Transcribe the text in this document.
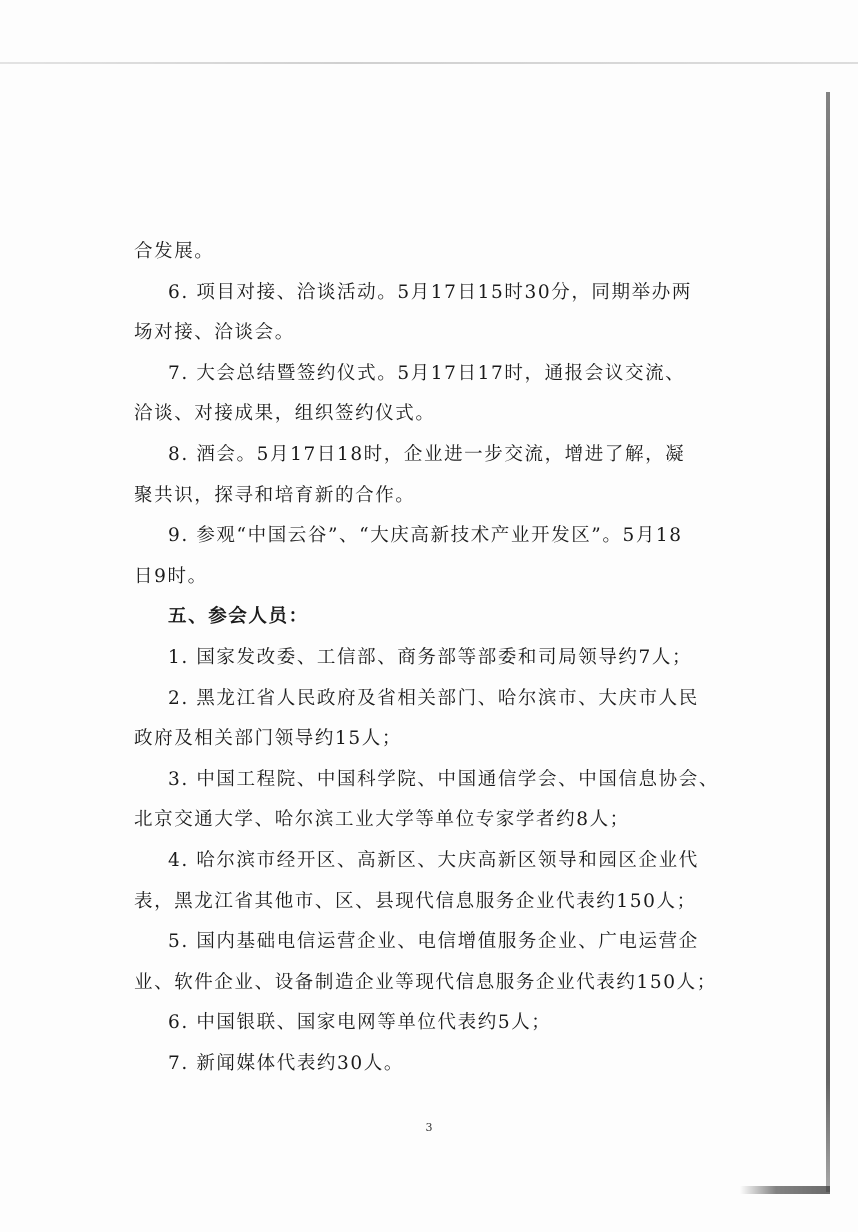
合发展。
6. 项目对接、洽谈活动。5月17日15时30分，同期举办两
场对接、洽谈会。
7. 大会总结暨签约仪式。5月17日17时，通报会议交流、
洽谈、对接成果，组织签约仪式。
8. 酒会。5月17日18时，企业进一步交流，增进了解，凝
聚共识，探寻和培育新的合作。
9. 参观“中国云谷”、“大庆高新技术产业开发区”。5月18
日9时。
五、参会人员：
1. 国家发改委、工信部、商务部等部委和司局领导约7人；
2. 黑龙江省人民政府及省相关部门、哈尔滨市、大庆市人民
政府及相关部门领导约15人；
3. 中国工程院、中国科学院、中国通信学会、中国信息协会、
北京交通大学、哈尔滨工业大学等单位专家学者约8人；
4. 哈尔滨市经开区、高新区、大庆高新区领导和园区企业代
表，黑龙江省其他市、区、县现代信息服务企业代表约150人；
5. 国内基础电信运营企业、电信增值服务企业、广电运营企
业、软件企业、设备制造企业等现代信息服务企业代表约150人；
6. 中国银联、国家电网等单位代表约5人；
7. 新闻媒体代表约30人。
3
